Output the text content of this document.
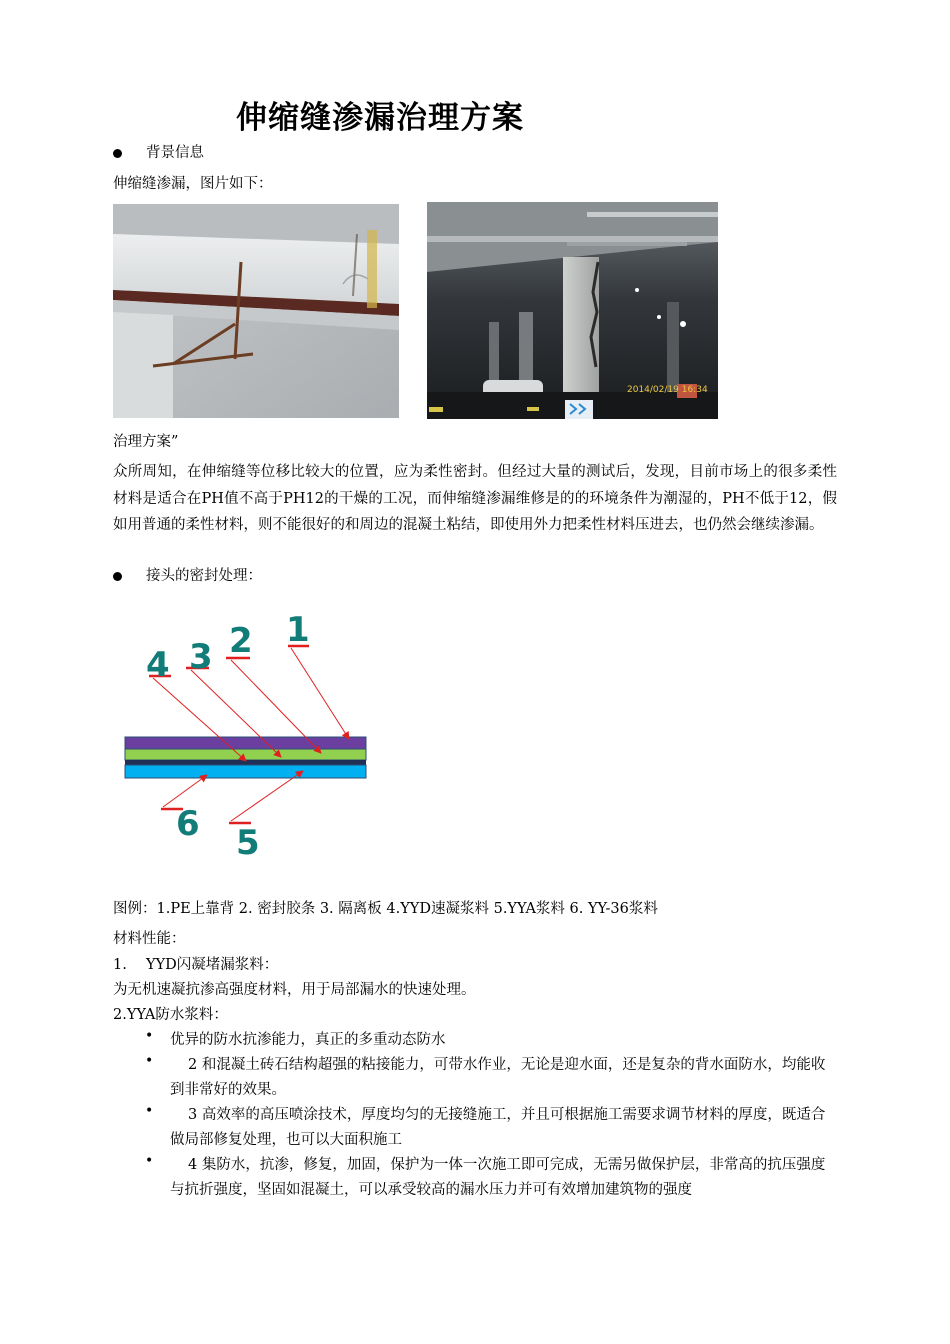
伸缩缝渗漏治理方案
背景信息
伸缩缝渗漏，图片如下：
2014/02/19 16:34
治理方案”
众所周知，在伸缩缝等位移比较大的位置，应为柔性密封。但经过大量的测试后，发现，目前市场上的很多柔性材料是适合在PH值不高于PH12的干燥的工况，而伸缩缝渗漏维修是的的环境条件为潮湿的，PH不低于12，假如用普通的柔性材料，则不能很好的和周边的混凝土粘结，即使用外力把柔性材料压进去，也仍然会继续渗漏。
接头的密封处理：
1
2
3
4
5
6
图例：1.PE上靠背 2. 密封胶条 3. 隔离板 4.YYD速凝浆料 5.YYA浆料 6. YY-36浆料
材料性能：
1. YYD闪凝堵漏浆料：
为无机速凝抗渗高强度材料，用于局部漏水的快速处理。
2.YYA防水浆料：
• 优异的防水抗渗能力，真正的多重动态防水
•	2 和混凝土砖石结构超强的粘接能力，可带水作业，无论是迎水面，还是复杂的背水面防水，均能收到非常好的效果。
•	3 高效率的高压喷涂技术，厚度均匀的无接缝施工，并且可根据施工需要求调节材料的厚度，既适合做局部修复处理，也可以大面积施工
•	4 集防水，抗渗，修复，加固，保护为一体一次施工即可完成，无需另做保护层，非常高的抗压强度与抗折强度，坚固如混凝土，可以承受较高的漏水压力并可有效增加建筑物的强度
